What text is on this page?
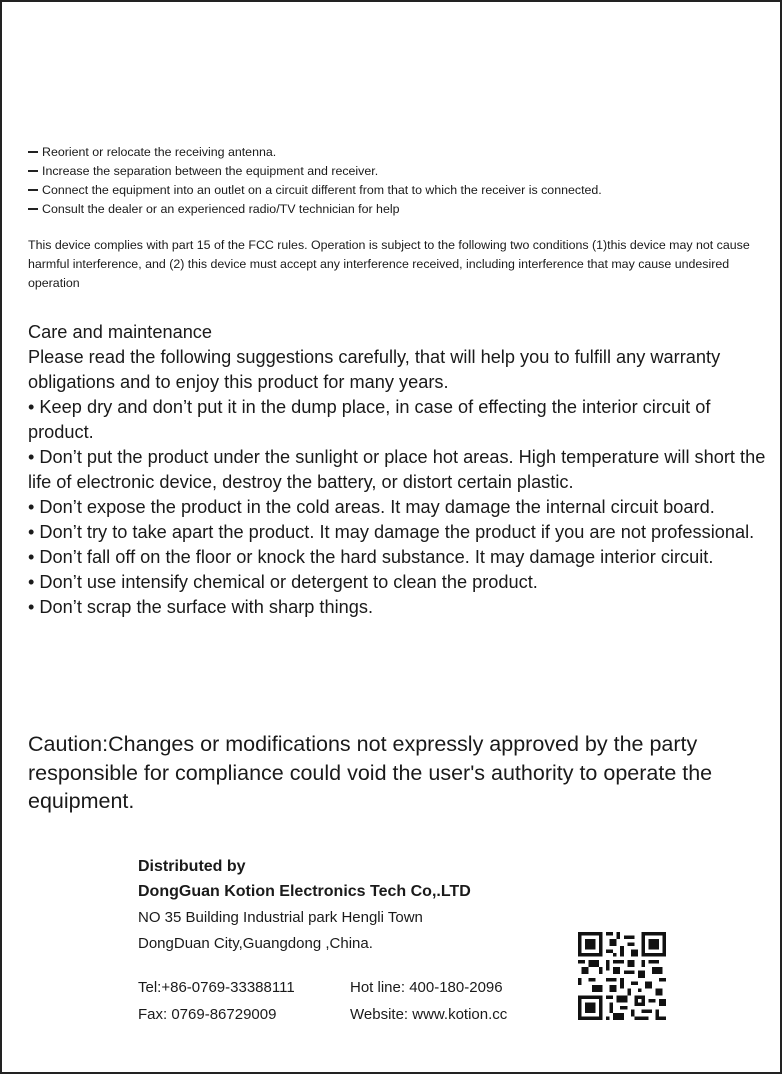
Reorient or relocate the receiving antenna.
Increase the separation between the equipment and receiver.
Connect the equipment into an outlet on a circuit different from that to which the receiver is connected.
Consult the dealer or an experienced radio/TV technician for help

This device complies with part 15 of the FCC rules. Operation is subject to the following two conditions (1)this device may not cause harmful interference, and (2) this device must accept any interference received, including interference that may cause undesired operation

Care and maintenance

Please read the following suggestions carefully, that will help you to fulfill any warranty obligations and to enjoy this product for many years.

• Keep dry and don’t put it in the dump place, in case of effecting the interior circuit of product.

• Don’t put the product under the sunlight or place hot areas. High temperature will short the life of electronic device, destroy the battery, or distort certain plastic.

• Don’t expose the product in the cold areas. It may damage the internal circuit board.

• Don’t try to take apart the product. It may damage the product if you are not professional.

• Don’t fall off on the floor or knock the hard substance. It may damage interior circuit.

• Don’t use intensify chemical or detergent to clean the product.

• Don’t scrap the surface with sharp things.

Caution:Changes or modifications not expressly approved by the party responsible for compliance could void the user's authority to operate the equipment.

Distributed by
DongGuan Kotion Electronics Tech Co,.LTD
NO 35 Building Industrial park Hengli Town
DongDuan City,Guangdong ,China.
Tel:+86-0769-33388111	Hot line: 400-180-2096
Fax: 0769-86729009	Website: www.kotion.cc
